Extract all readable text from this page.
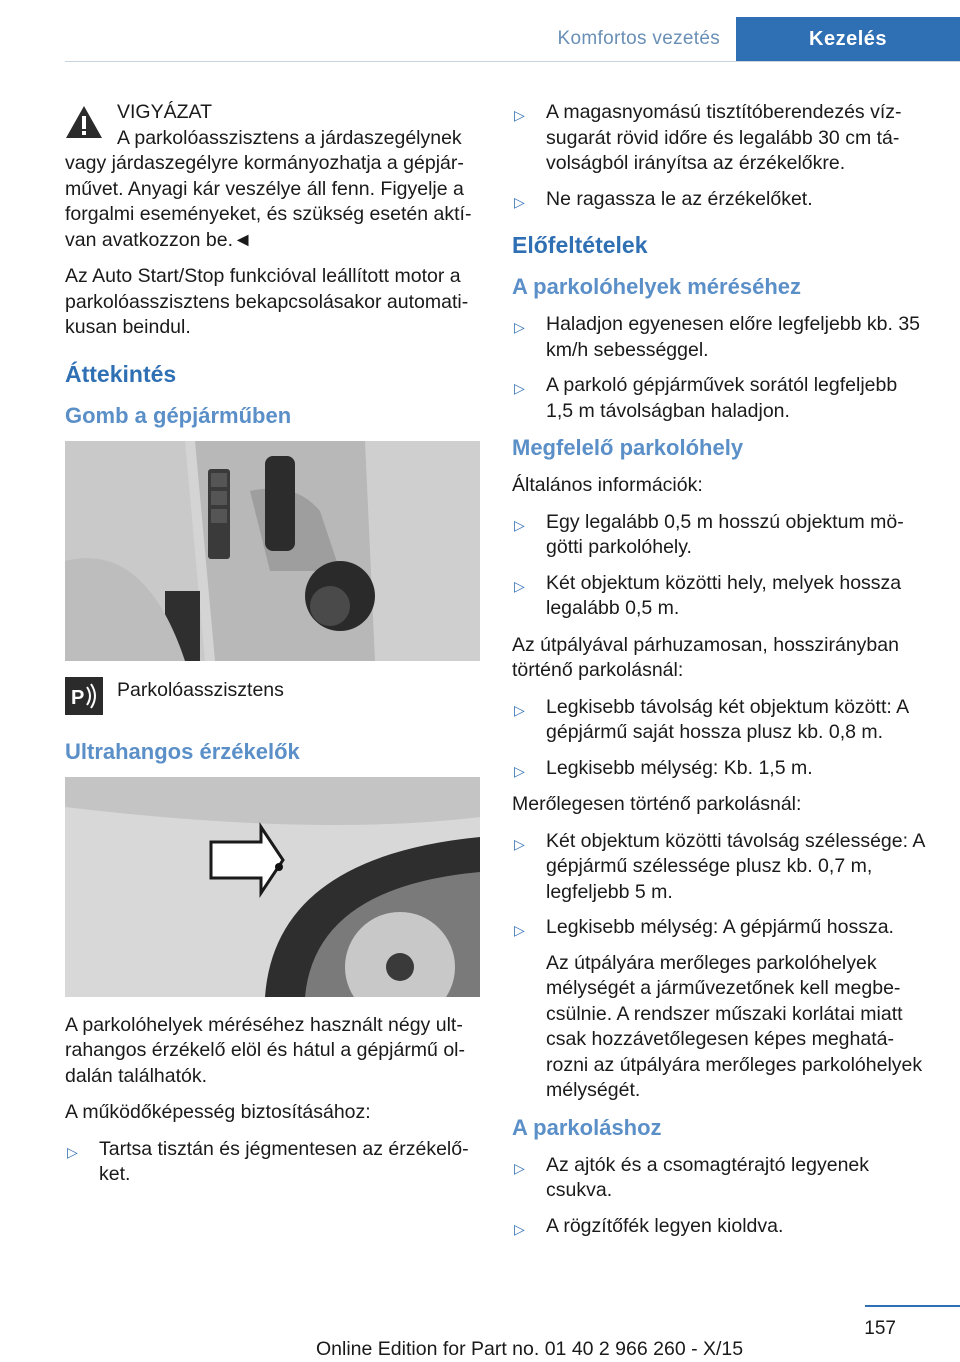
Komfortos vezetés	Kezelés
VIGYÁZAT
A parkolóasszisztens a járdaszegélynek
vagy járdaszegélyre kormányozhatja a gépjár- művet. Anyagi kár veszélye áll fenn. Figyelje a forgalmi eseményeket, és szükség esetén aktí-van avatkozzon be.◄

Az Auto Start/Stop funkcióval leállított motor a parkolóasszisztens bekapcsolásakor automati-kusan beindul.

Áttekintés
Gomb a gépjárműben
P Parkolóasszisztens
Ultrahangos érzékelők

A parkolóhelyek méréséhez használt négy ult-rahangos érzékelő elöl és hátul a gépjármű ol-dalán találhatók.

A működőképesség biztosításához:

▷ Tartsa tisztán és jégmentesen az érzékelő-ket.
▷ A magasnyomású tisztítóberendezés víz-sugarát rövid időre és legalább 30 cm tá-volságból irányítsa az érzékelőkre.
▷ Ne ragassza le az érzékelőket.
Előfeltételek
A parkolóhelyek méréséhez
▷ Haladjon egyenesen előre legfeljebb kb. 35 km/h sebességgel.
▷ A parkoló gépjárművek sorától legfeljebb 1,5 m távolságban haladjon.
Megfelelő parkolóhely

Általános információk:

▷ Egy legalább 0,5 m hosszú objektum mö-götti parkolóhely.
▷ Két objektum közötti hely, melyek hossza legalább 0,5 m.

Az útpályával párhuzamosan, hosszirányban történő parkolásnál:

▷ Legkisebb távolság két objektum között: A gépjármű saját hossza plusz kb. 0,8 m.
▷ Legkisebb mélység: Kb. 1,5 m.

Merőlegesen történő parkolásnál:

▷ Két objektum közötti távolság szélessége: A gépjármű szélessége plusz kb. 0,7 m, legfeljebb 5 m.
▷ Legkisebb mélység: A gépjármű hossza.
Az útpályára merőleges parkolóhelyek mélységét a járművezetőnek kell megbe-csülnie. A rendszer műszaki korlátai miatt csak hozzávetőlegesen képes meghatá-rozni az útpályára merőleges parkolóhelyek mélységét.
A parkoláshoz
▷ Az ajtók és a csomagtérajtó legyenek csukva.
▷ A rögzítőfék legyen kioldva.
157
Online Edition for Part no. 01 40 2 966 260 - X/15
